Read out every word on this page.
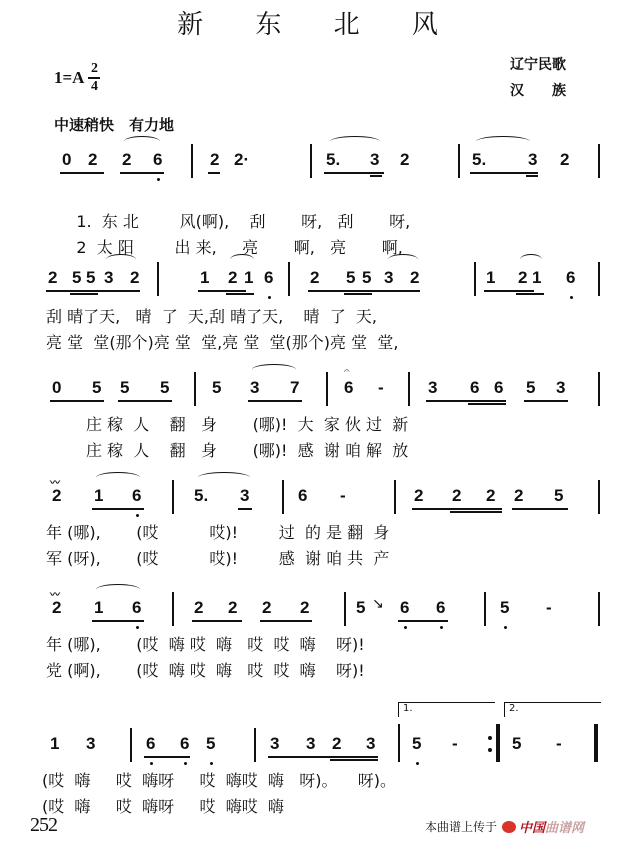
新 东 北 风
$1=A \frac{2}{4}$	辽宁民歌
汉　　族
中速稍快　有力地
0 2 2 6	2 2·	5. 3 2	5. 3 2

1. 东 北	风(啊), 刮 呀, 刮 呀,

2 太 阳	出 来, 亮 啊, 亮 啊,

2 5 5 3 2	1 2 1 6 2 5 5 3 2	1 2 1 6
刮 晴了天, 晴 了 天,刮 晴了天, 晴 了 天,
亮 堂 堂(那个)亮 堂 堂,亮 堂 堂(那个)亮 堂 堂,
0 5 5 5	5 3 7	6 -	3 6 6 5 3
𝄐
庄 稼 人 翻 身 (哪)! 大 家 伙 过 新
庄 稼 人 翻 身 (哪)! 感 谢 咱 解 放
〰
2 1 6	5. 3	6 -	2 2 2 2 5
年 (哪), (哎	哎)!	过 的 是 翻 身
军 (呀), (哎	哎)!	感 谢 咱 共 产
〰
2 1 6	2 2 2 2	5 6 6	5 -
↘
年 (哪), (哎 嗨 哎 嗨 哎 哎 嗨 呀)!
党 (啊), (哎 嗨 哎 嗨 哎 哎 嗨 呀)!
1.	2.
1 3	6 6 5	3 3 2 3 5 -	5 -
(哎 嗨 哎 嗨呀 哎 嗨哎 嗨 呀)。 呀)。
(哎 嗨 哎 嗨呀 哎 嗨哎 嗨
252	本曲谱上传于 中国 曲谱网
